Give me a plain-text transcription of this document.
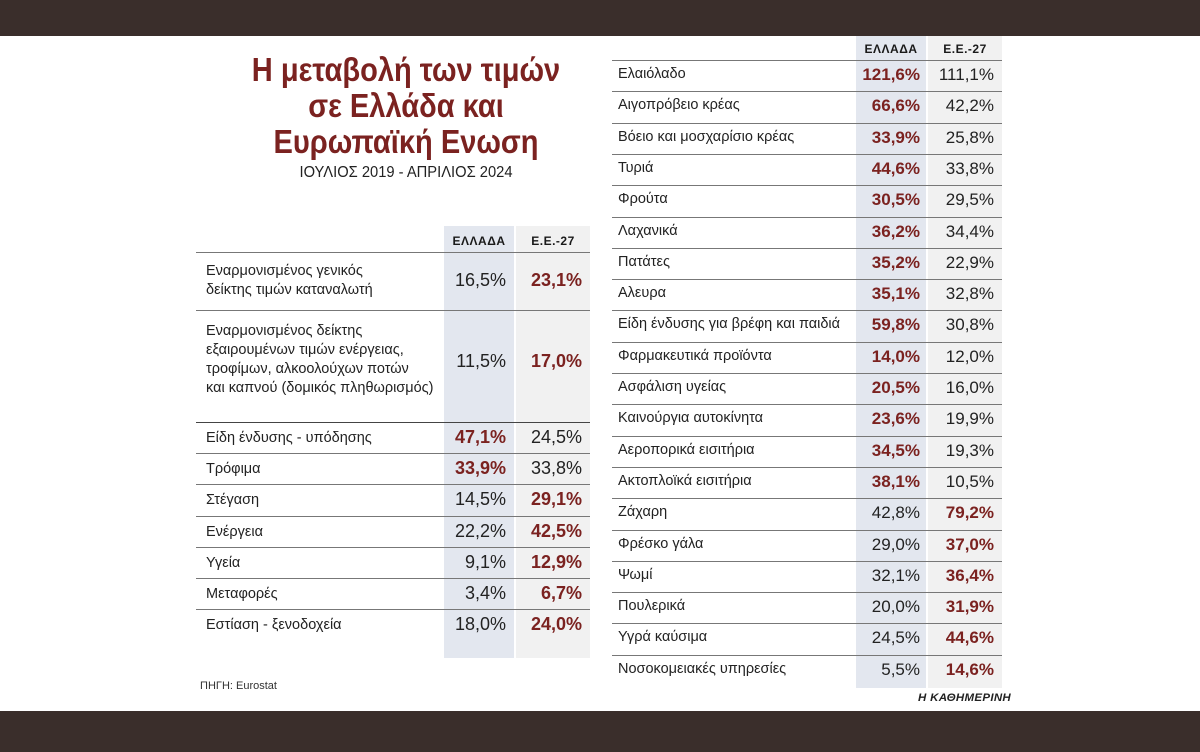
Η μεταβολή των τιμών
σε Ελλάδα και
Ευρωπαϊκή Ενωση
ΙΟΥΛΙΟΣ 2019 - ΑΠΡΙΛΙΟΣ 2024
ΕΛΛΑΔΑ	Ε.Ε.-27
Εναρμονισμένος γενικός
δείκτης τιμών καταναλωτή	16,5%	23,1%
Εναρμονισμένος δείκτης
εξαιρουμένων τιμών ενέργειας,
τροφίμων, αλκοολούχων ποτών
και καπνού (δομικός πληθωρισμός)
11,5%	17,0%
Είδη ένδυσης - υπόδησης	47,1%	24,5%
Τρόφιμα	33,9%	33,8%
Στέγαση	14,5%	29,1%
Ενέργεια	22,2%	42,5%
Υγεία	9,1%	12,9%
Μεταφορές	3,4%	6,7%
Εστίαση - ξενοδοχεία	18,0%	24,0%
ΠΗΓΗ: Eurostat
ΕΛΛΑΔΑ	Ε.Ε.-27
Ελαιόλαδο	121,6%	111,1%
Αιγοπρόβειο κρέας	66,6%	42,2%
Βόειο και μοσχαρίσιο κρέας	33,9%	25,8%
Τυριά	44,6%	33,8%
Φρούτα	30,5%	29,5%
Λαχανικά	36,2%	34,4%
Πατάτες	35,2%	22,9%
Αλευρα	35,1%	32,8%
Είδη ένδυσης για βρέφη και παιδιά	59,8%	30,8%
Φαρμακευτικά προϊόντα	14,0%	12,0%
Ασφάλιση υγείας	20,5%	16,0%
Καινούργια αυτοκίνητα	23,6%	19,9%
Αεροπορικά εισιτήρια	34,5%	19,3%
Ακτοπλοϊκά εισιτήρια	38,1%	10,5%
Ζάχαρη	42,8%	79,2%
Φρέσκο γάλα	29,0%	37,0%
Ψωμί	32,1%	36,4%
Πουλερικά	20,0%	31,9%
Υγρά καύσιμα	24,5%	44,6%
Νοσοκομειακές υπηρεσίες	5,5%	14,6%
Η ΚΑΘΗΜΕΡΙΝΗ
